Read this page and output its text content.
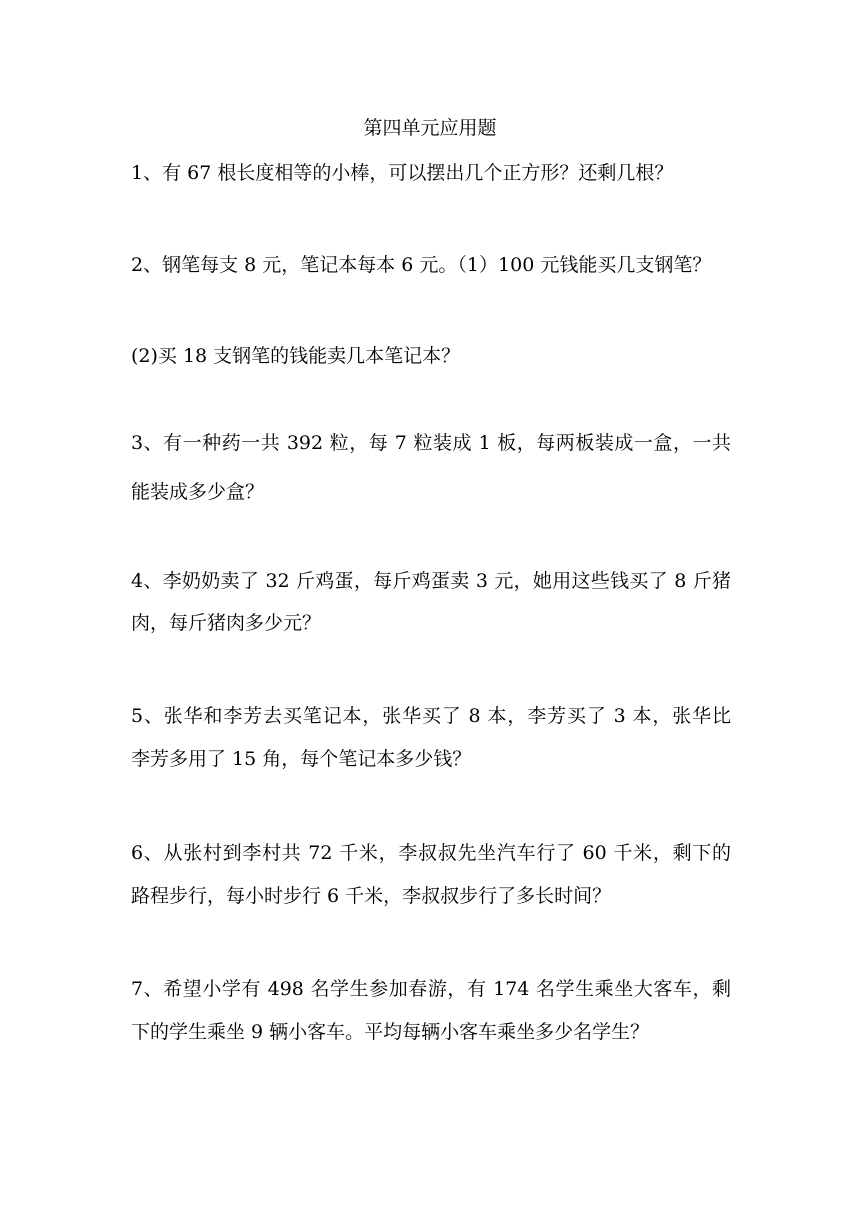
第四单元应用题

1、有 67 根长度相等的小棒，可以摆出几个正方形？还剩几根？

2、钢笔每支 8 元，笔记本每本 6 元。（1）100 元钱能买几支钢笔？

(2)买 18 支钢笔的钱能卖几本笔记本？

3、有一种药一共 392 粒，每 7 粒装成 1 板，每两板装成一盒，一共

能装成多少盒？

4、李奶奶卖了 32 斤鸡蛋，每斤鸡蛋卖 3 元，她用这些钱买了 8 斤猪

肉，每斤猪肉多少元？

5、张华和李芳去买笔记本，张华买了 8 本，李芳买了 3 本，张华比

李芳多用了 15 角，每个笔记本多少钱？

6、从张村到李村共 72 千米，李叔叔先坐汽车行了 60 千米，剩下的

路程步行，每小时步行 6 千米，李叔叔步行了多长时间？

7、希望小学有 498 名学生参加春游，有 174 名学生乘坐大客车，剩

下的学生乘坐 9 辆小客车。平均每辆小客车乘坐多少名学生？
